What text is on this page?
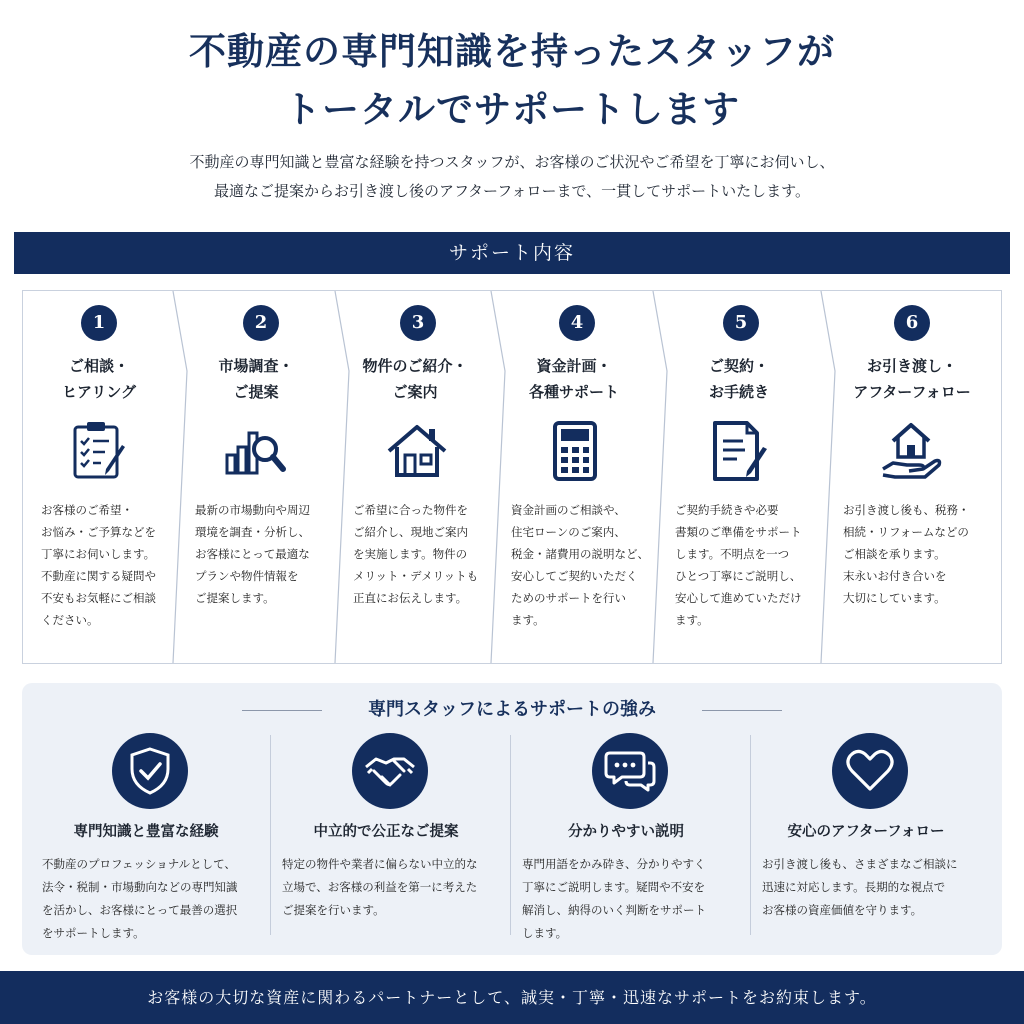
不動産の専門知識を持ったスタッフが
トータルでサポートします
不動産の専門知識と豊富な経験を持つスタッフが、お客様のご状況やご希望を丁寧にお伺いし、
最適なご提案からお引き渡し後のアフターフォローまで、一貫してサポートいたします。
サポート内容
1
ご相談・
ヒアリング
お客様のご希望・
お悩み・ご予算などを
丁寧にお伺いします。
不動産に関する疑問や
不安もお気軽にご相談
ください。
2
市場調査・
ご提案
最新の市場動向や周辺
環境を調査・分析し、
お客様にとって最適な
プランや物件情報を
ご提案します。
3
物件のご紹介・
ご案内
ご希望に合った物件を
ご紹介し、現地ご案内
を実施します。物件の
メリット・デメリットも
正直にお伝えします。
4
資金計画・
各種サポート
資金計画のご相談や、
住宅ローンのご案内、
税金・諸費用の説明など、
安心してご契約いただく
ためのサポートを行い
ます。
5
ご契約・
お手続き
ご契約手続きや必要
書類のご準備をサポート
します。不明点を一つ
ひとつ丁寧にご説明し、
安心して進めていただけ
ます。
6
お引き渡し・
アフターフォロー
お引き渡し後も、税務・
相続・リフォームなどの
ご相談を承ります。
末永いお付き合いを
大切にしています。
専門スタッフによるサポートの強み
専門知識と豊富な経験
不動産のプロフェッショナルとして、
法令・税制・市場動向などの専門知識
を活かし、お客様にとって最善の選択
をサポートします。
中立的で公正なご提案
特定の物件や業者に偏らない中立的な
立場で、お客様の利益を第一に考えた
ご提案を行います。
分かりやすい説明
専門用語をかみ砕き、分かりやすく
丁寧にご説明します。疑問や不安を
解消し、納得のいく判断をサポート
します。
安心のアフターフォロー
お引き渡し後も、さまざまなご相談に
迅速に対応します。長期的な視点で
お客様の資産価値を守ります。
お客様の大切な資産に関わるパートナーとして、誠実・丁寧・迅速なサポートをお約束します。
